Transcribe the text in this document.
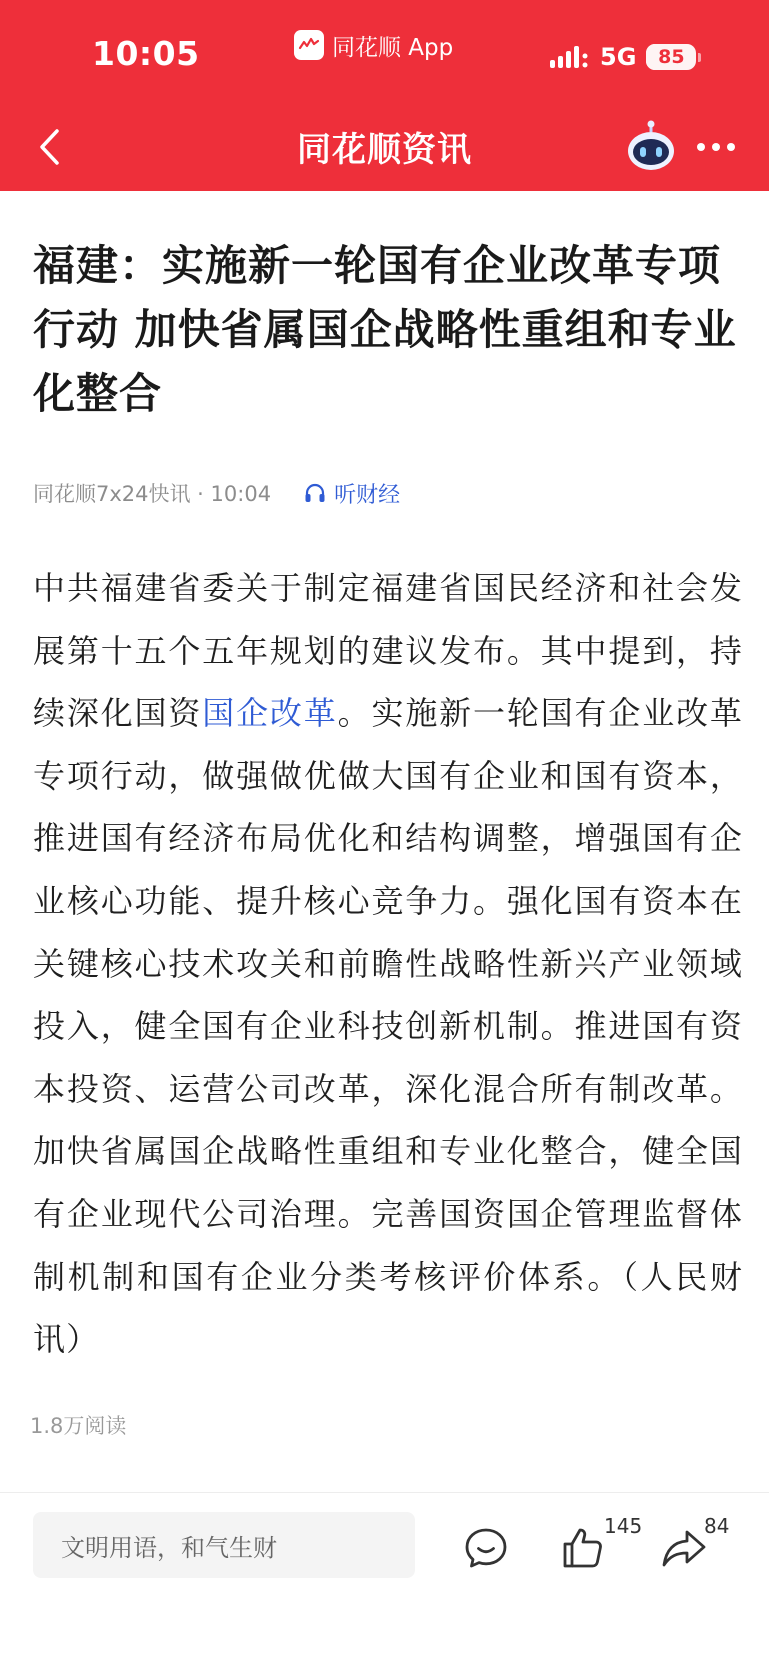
10:05	同花顺 App	5G	85
同花顺资讯
福建：实施新一轮国有企业改革专项行动 加快省属国企战略性重组和专业化整合
同花顺7x24快讯 · 10:04	听财经
中共福建省委关于制定福建省国民经济和社会发展第十五个五年规划的建议发布。其中提到，持续深化国资国企改革。实施新一轮国有企业改革专项行动，做强做优做大国有企业和国有资本，推进国有经济布局优化和结构调整，增强国有企业核心功能、提升核心竞争力。强化国有资本在关键核心技术攻关和前瞻性战略性新兴产业领域投入，健全国有企业科技创新机制。推进国有资本投资、运营公司改革，深化混合所有制改革。加快省属国企战略性重组和专业化整合，健全国有企业现代公司治理。完善国资国企管理监督体制机制和国有企业分类考核评价体系。（人民财讯）
1.8万阅读
文明用语，和气生财
145	84
